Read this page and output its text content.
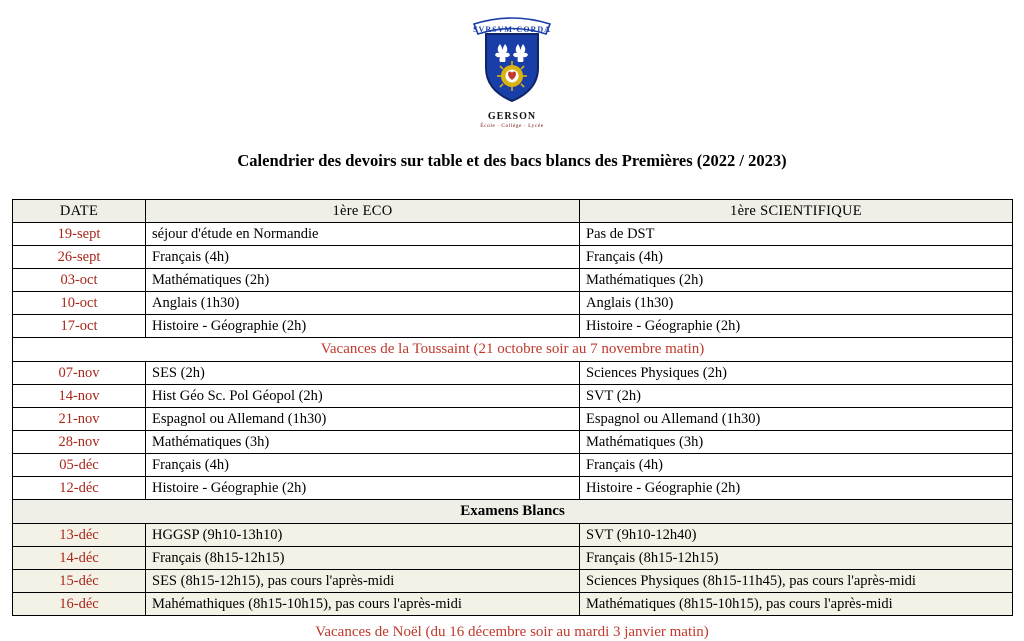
SVRSVM·CORDA
GERSON
École · Collège · Lycée
Calendrier des devoirs sur table et des bacs blancs des Premières (2022 / 2023)
DATE	1ère ECO	1ère SCIENTIFIQUE
19-sept	séjour d'étude en Normandie	Pas de DST
26-sept	Français (4h)	Français (4h)
03-oct	Mathématiques (2h)	Mathématiques (2h)
10-oct	Anglais (1h30)	Anglais (1h30)
17-oct	Histoire - Géographie (2h)	Histoire - Géographie (2h)
Vacances de la Toussaint (21 octobre soir au 7 novembre matin)		
07-nov	SES (2h)	Sciences Physiques (2h)
14-nov	Hist Géo Sc. Pol Géopol (2h)	SVT (2h)
21-nov	Espagnol ou Allemand (1h30)	Espagnol ou Allemand (1h30)
28-nov	Mathématiques (3h)	Mathématiques (3h)
05-déc	Français (4h)	Français (4h)
12-déc	Histoire - Géographie (2h)	Histoire - Géographie (2h)
Examens Blancs		
13-déc	HGGSP (9h10-13h10)	SVT (9h10-12h40)
14-déc	Français (8h15-12h15)	Français (8h15-12h15)
15-déc	SES (8h15-12h15), pas cours l'après-midi	Sciences Physiques (8h15-11h45), pas cours l'après-midi
16-déc	Mahémathiques (8h15-10h15), pas cours l'après-midi	Mathématiques (8h15-10h15), pas cours l'après-midi
Vacances de Noël (du 16 décembre soir au mardi 3 janvier matin)
